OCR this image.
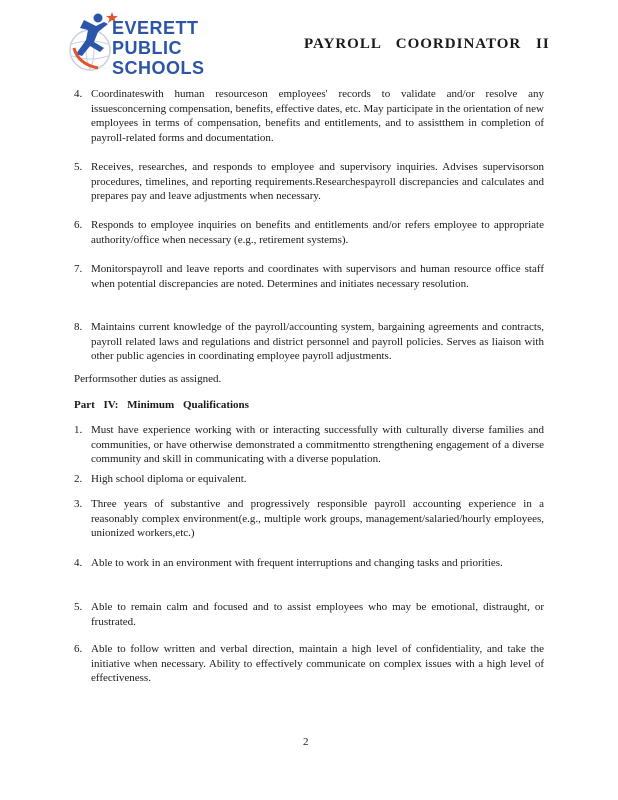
EVERETT
PUBLIC
SCHOOLS
PAYROLL COORDINATOR II
4. Coordinateswith human resourceson employees' records to validate and/or resolve any issuesconcerning compensation, benefits, effective dates, etc. May participate in the orientation of new employees in terms of compensation, benefits and entitlements, and to assistthem in completion of payroll-related forms and documentation.
5. Receives, researches, and responds to employee and supervisory inquiries. Advises supervisorson procedures, timelines, and reporting requirements.Researchespayroll discrepancies and calculates and prepares pay and leave adjustments when necessary.
6. Responds to employee inquiries on benefits and entitlements and/or refers employee to appropriate authority/office when necessary (e.g., retirement systems).
7. Monitorspayroll and leave reports and coordinates with supervisors and human resource office staff when potential discrepancies are noted. Determines and initiates necessary resolution.
8. Maintains current knowledge of the payroll/accounting system, bargaining agreements and contracts, payroll related laws and regulations and district personnel and payroll policies. Serves as liaison with other public agencies in coordinating employee payroll adjustments.
Performsother duties as assigned.
Part IV: Minimum Qualifications
1. Must have experience working with or interacting successfully with culturally diverse families and communities, or have otherwise demonstrated a commitmentto strengthening engagement of a diverse community and skill in communicating with a diverse population.
2. High school diploma or equivalent.
3. Three years of substantive and progressively responsible payroll accounting experience in a reasonably complex environment(e.g., multiple work groups, management/salaried/hourly employees, unionized workers,etc.)
4. Able to work in an environment with frequent interruptions and changing tasks and priorities.
5. Able to remain calm and focused and to assist employees who may be emotional, distraught, or frustrated.
6. Able to follow written and verbal direction, maintain a high level of confidentiality, and take the initiative when necessary. Ability to effectively communicate on complex issues with a high level of effectiveness.
2
